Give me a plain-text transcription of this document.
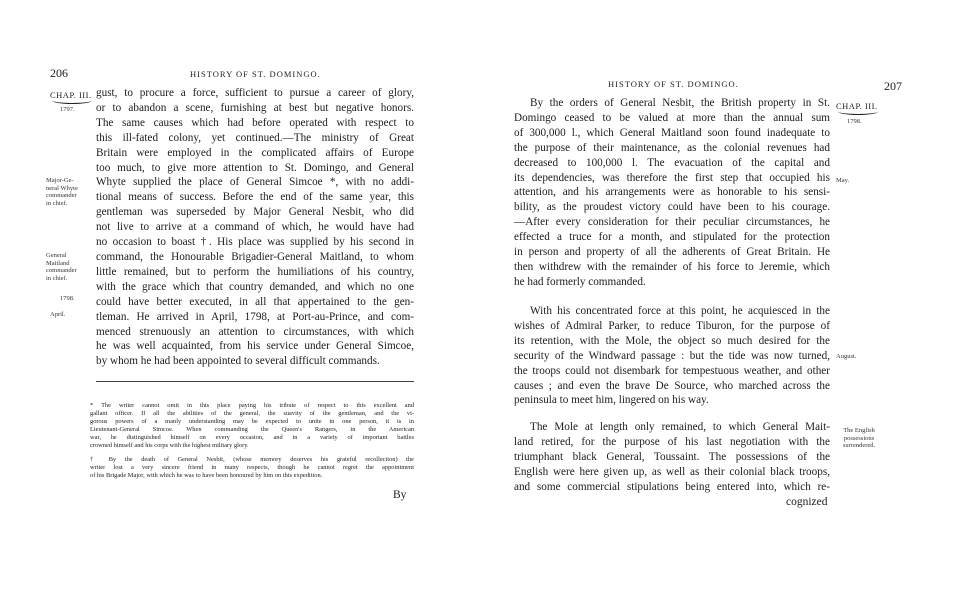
206	HISTORY OF ST. DOMINGO.
CHAP. III.
1797.
Major-Ge-
neral Whyte
commander
in chief.
General
Maitland
commander
in chief.
1798.
April.
gust, to procure a force, sufficient to pursue a career of glory,
or to abandon a scene, furnishing at best but negative honors.
The same causes which had before operated with respect to
this ill-fated colony, yet continued.—The ministry of Great
Britain were employed in the complicated affairs of Europe
too much, to give more attention to St. Domingo, and General
Whyte supplied the place of General Simcoe *, with no addi-
tional means of success. Before the end of the same year, this
gentleman was superseded by Major General Nesbit, who did
not live to arrive at a command of which, he would have had
no occasion to boast †. His place was supplied by his second in
command, the Honourable Brigadier-General Maitland, to whom
little remained, but to perform the humiliations of his country,
with the grace which that country demanded, and which no one
could have better executed, in all that appertained to the gen-
tleman. He arrived in April, 1798, at Port-au-Prince, and com-
menced strenuously an attention to circumstances, with which
he was well acquainted, from his service under General Simcoe,
by whom he had been appointed to several difficult commands.
* The writer cannot omit in this place paying his tribute of respect to this excellent and
gallant officer. If all the abilities of the general, the suavity of the gentleman, and the vi-
gorous powers of a manly understanding may be expected to unite in one person, it is in
Lieutenant-General Simcoe. When commanding the Queen's Rangers, in the American
war, he distinguished himself on every occasion, and in a variety of important battles
crowned himself and his corps with the highest military glory.
† By the death of General Nesbit, (whose memory deserves his grateful recollection) the
writer lost a very sincere friend in many respects, though he cannot regret the appointment
of his Brigade Major, with which he was to have been honoured by him on this expedition.
By
HISTORY OF ST. DOMINGO.	207
By the orders of General Nesbit, the British property in St.
Domingo ceased to be valued at more than the annual sum
of 300,000 l., which General Maitland soon found inadequate to
the purpose of their maintenance, as the colonial revenues had
decreased to 100,000 l. The evacuation of the capital and
its dependencies, was therefore the first step that occupied his
attention, and his arrangements were as honorable to his sensi-
bility, as the proudest victory could have been to his courage.
—After every consideration for their peculiar circumstances, he
effected a truce for a month, and stipulated for the protection
in person and property of all the adherents of Great Britain. He
then withdrew with the remainder of his force to Jeremie, which
he had formerly commanded.
With his concentrated force at this point, he acquiesced in the
wishes of Admiral Parker, to reduce Tiburon, for the purpose of
its retention, with the Mole, the object so much desired for the
security of the Windward passage : but the tide was now turned,
the troops could not disembark for tempestuous weather, and other
causes ; and even the brave De Source, who marched across the
peninsula to meet him, lingered on his way.
The Mole at length only remained, to which General Mait-
land retired, for the purpose of his last negotiation with the
triumphant black General, Toussaint. The possessions of the
English were here given up, as well as their colonial black troops,
and some commercial stipulations being entered into, which re-
cognized
CHAP. III.
1798.
May.
August.
The English
possessions
surrendered.
